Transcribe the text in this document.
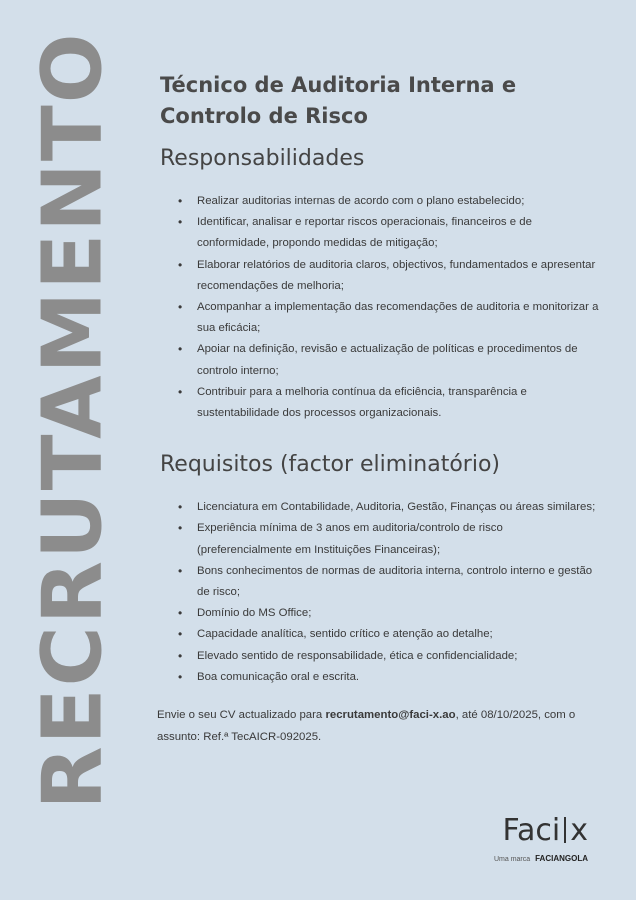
RECRUTAMENTO Técnico de Auditoria Interna e
Controlo de Risco
Responsabilidades
• Realizar auditorias internas de acordo com o plano estabelecido;
• Identificar, analisar e reportar riscos operacionais, financeiros e de conformidade, propondo medidas de mitigação;
• Elaborar relatórios de auditoria claros, objectivos, fundamentados e apresentar recomendações de melhoria;
• Acompanhar a implementação das recomendações de auditoria e monitorizar a sua eficácia;
• Apoiar na definição, revisão e actualização de políticas e procedimentos de controlo interno;
• Contribuir para a melhoria contínua da eficiência, transparência e sustentabilidade dos processos organizacionais.
Requisitos (factor eliminatório)
• Licenciatura em Contabilidade, Auditoria, Gestão, Finanças ou áreas similares;
• Experiência mínima de 3 anos em auditoria/controlo de risco (preferencialmente em Instituições Financeiras);
• Bons conhecimentos de normas de auditoria interna, controlo interno e gestão de risco;
• Domínio do MS Office;
• Capacidade analítica, sentido crítico e atenção ao detalhe;
• Elevado sentido de responsabilidade, ética e confidencialidade;
• Boa comunicação oral e escrita.

Envie o seu CV actualizado para recrutamento@faci-x.ao, até 08/10/2025, com o assunto: Ref.ª TecAICR-092025.

Faci x
Uma marca FACIANGOLA
